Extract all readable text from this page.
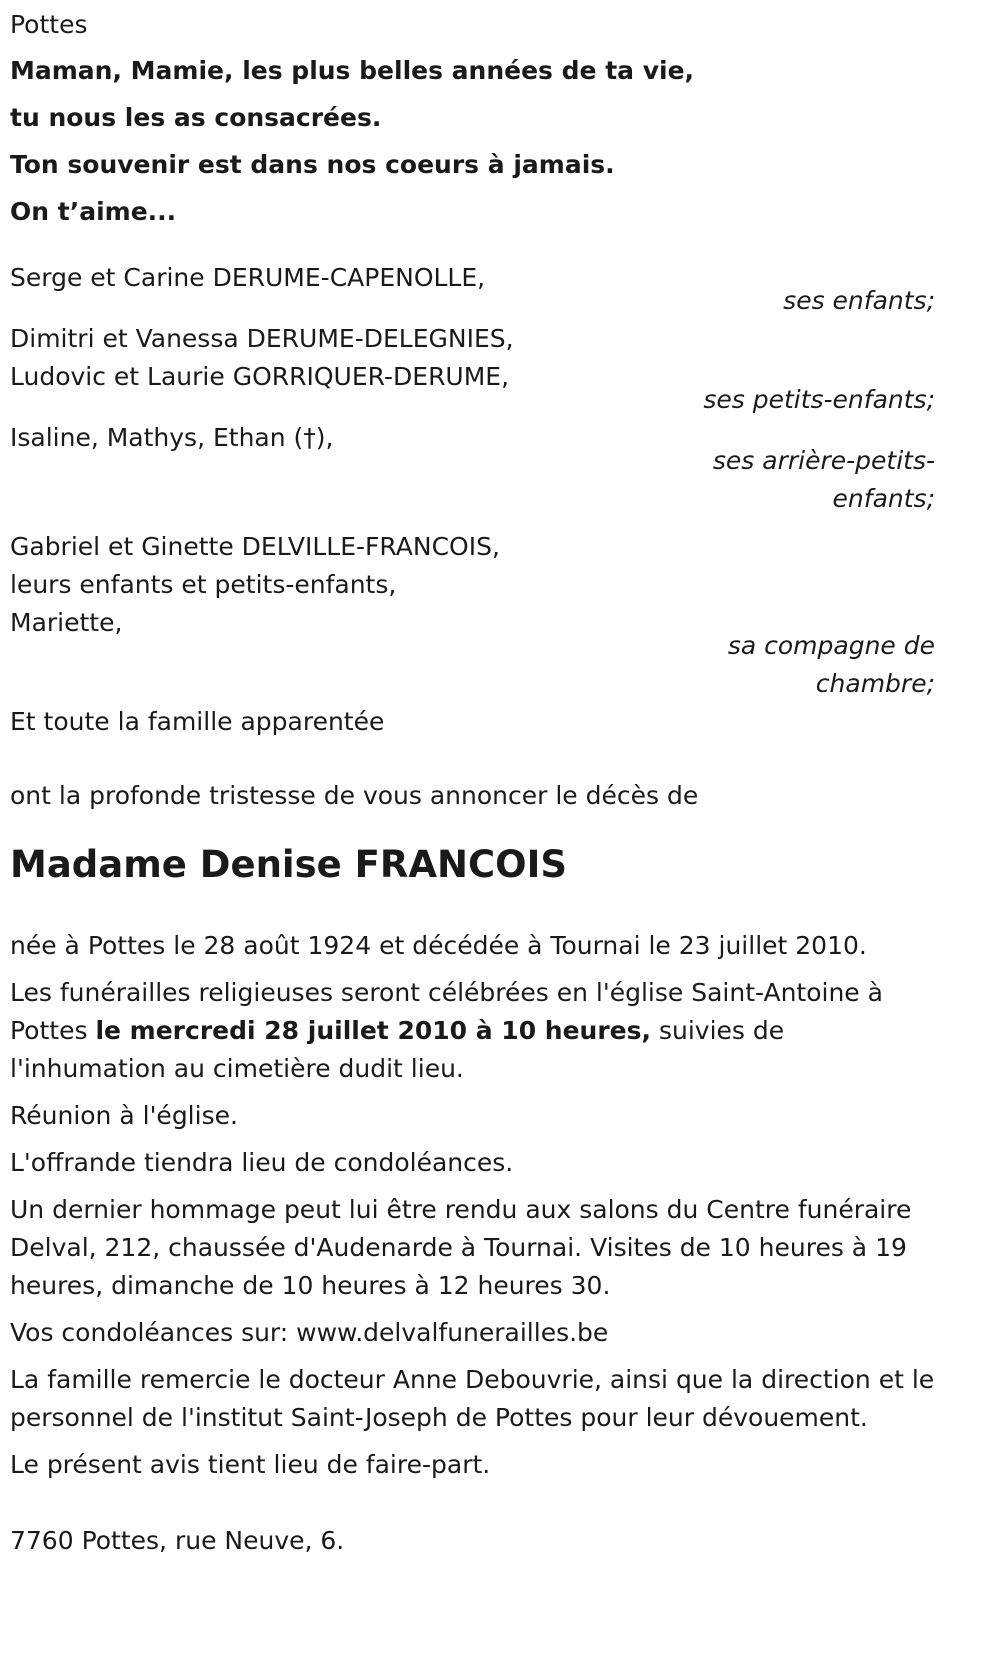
Pottes

Maman, Mamie, les plus belles années de ta vie,

tu nous les as consacrées.

Ton souvenir est dans nos coeurs à jamais.

On t’aime...

Serge et Carine DERUME-CAPENOLLE,

ses enfants;

Dimitri et Vanessa DERUME-DELEGNIES,

Ludovic et Laurie GORRIQUER-DERUME,

ses petits-enfants;

Isaline, Mathys, Ethan (†),

ses arrière-petits-
enfants;

Gabriel et Ginette DELVILLE-FRANCOIS,

leurs enfants et petits-enfants,

Mariette,

sa compagne de
chambre;

Et toute la famille apparentée

ont la profonde tristesse de vous annoncer le décès de

Madame Denise FRANCOIS

née à Pottes le 28 août 1924 et décédée à Tournai le 23 juillet 2010.

Les funérailles religieuses seront célébrées en l'église Saint-Antoine à Pottes le mercredi 28 juillet 2010 à 10 heures, suivies de l'inhumation au cimetière dudit lieu.

Réunion à l'église.

L'offrande tiendra lieu de condoléances.

Un dernier hommage peut lui être rendu aux salons du Centre funéraire Delval, 212, chaussée d'Audenarde à Tournai. Visites de 10 heures à 19 heures, dimanche de 10 heures à 12 heures 30.

Vos condoléances sur: www.delvalfunerailles.be

La famille remercie le docteur Anne Debouvrie, ainsi que la direction et le personnel de l'institut Saint-Joseph de Pottes pour leur dévouement.

Le présent avis tient lieu de faire-part.

7760 Pottes, rue Neuve, 6.
